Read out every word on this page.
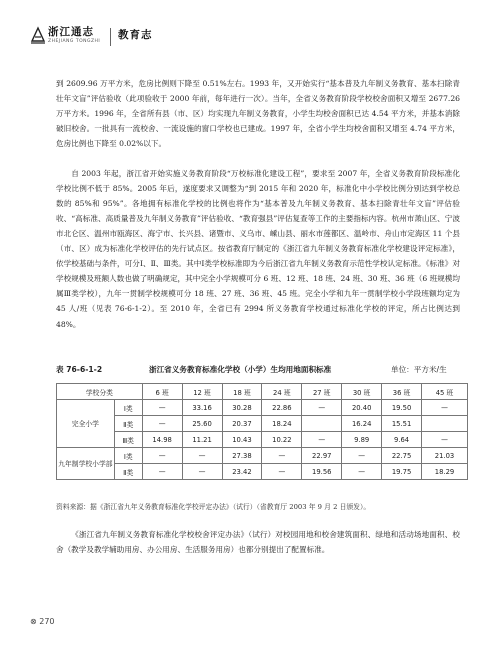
浙江通志
ZHEJIANG TONGZHI
教育志

到 2609.96 万平方米，危房比例则下降至 0.51%左右。1993 年，又开始实行“基本普及九年制义务教育、基本扫除青壮年文盲”评估验收（此项验收于 2000 年前，每年进行一次）。当年，全省义务教育阶段学校校舍面积又增至 2677.26 万平方米。1996 年，全省所有县（市、区）均实现九年制义务教育，小学生均校舍面积已达 4.54 平方米，并基本消除破旧校舍。一批具有一流校舍、一流设施的窗口学校也已建成。1997 年，全省小学生均校舍面积又增至 4.74 平方米，危房比例也下降至 0.02%以下。

自 2003 年起，浙江省开始实施义务教育阶段“万校标准化建设工程”，要求至 2007 年，全省义务教育阶段标准化学校比例不低于 85%。2005 年后，遂度要求又调整为“到 2015 年和 2020 年，标准化中小学校比例分别达到学校总数的 85%和 95%”。各地拥有标准化学校的比例也将作为“基本普及九年制义务教育、基本扫除青壮年文盲”评估验收、“高标准、高质量普及九年制义务教育”评估验收、“教育强县”评估复查等工作的主要指标内容。杭州市萧山区、宁波市北仑区、温州市瓯海区、海宁市、长兴县、诸暨市、义乌市、嵊山县、丽水市莲都区、温岭市、舟山市定海区 11 个县（市、区）成为标准化学校评估的先行试点区。按省教育厅制定的《浙江省九年制义务教育标准化学校建设评定标准》，依学校基础与条件，可分Ⅰ、Ⅱ、Ⅲ类。其中Ⅰ类学校标准即为今后浙江省九年制义务教育示范性学校认定标准。《标准》对学校规模及班额人数也做了明确规定，其中完全小学规模可分 6 班、12 班、18 班、24 班、30 班、36 班（6 班规模均属Ⅲ类学校），九年一贯制学校规模可分 18 班、27 班、36 班、45 班。完全小学和九年一贯制学校小学段班额均定为 45 人/班（见表 76-6-1-2）。至 2010 年，全省已有 2994 所义务教育学校通过标准化学校的评定，所占比例达到 48%。

表 76-6-1-2	浙江省义务教育标准化学校（小学）生均用地面积标准	单位：平方米/生
学校分类		6 班	12 班	18 班	24 班	27 班	30 班	36 班	45 班
完全小学	Ⅰ类	—	33.16	30.28	22.86	—	20.40	19.50	—
	Ⅱ类	—	25.60	20.37	18.24		16.24	15.51	
	Ⅲ类	14.98	11.21	10.43	10.22	—	9.89	9.64	—
九年制学校小学部	Ⅰ类	—	—	27.38	—	22.97	—	22.75	21.03
	Ⅱ类	—	—	23.42	—	19.56	—	19.75	18.29
资料来源：据《浙江省九年义务教育标准化学校评定办法》（试行）（省教育厅 2003 年 9 月 2 日颁发）。

《浙江省九年制义务教育标准化学校校舍评定办法》（试行）对校园用地和校舍建筑面积、绿地和活动场地面积、校舍（教学及教学辅助用房、办公用房、生活服务用房）也都分别提出了配置标准。

⊗ 270
